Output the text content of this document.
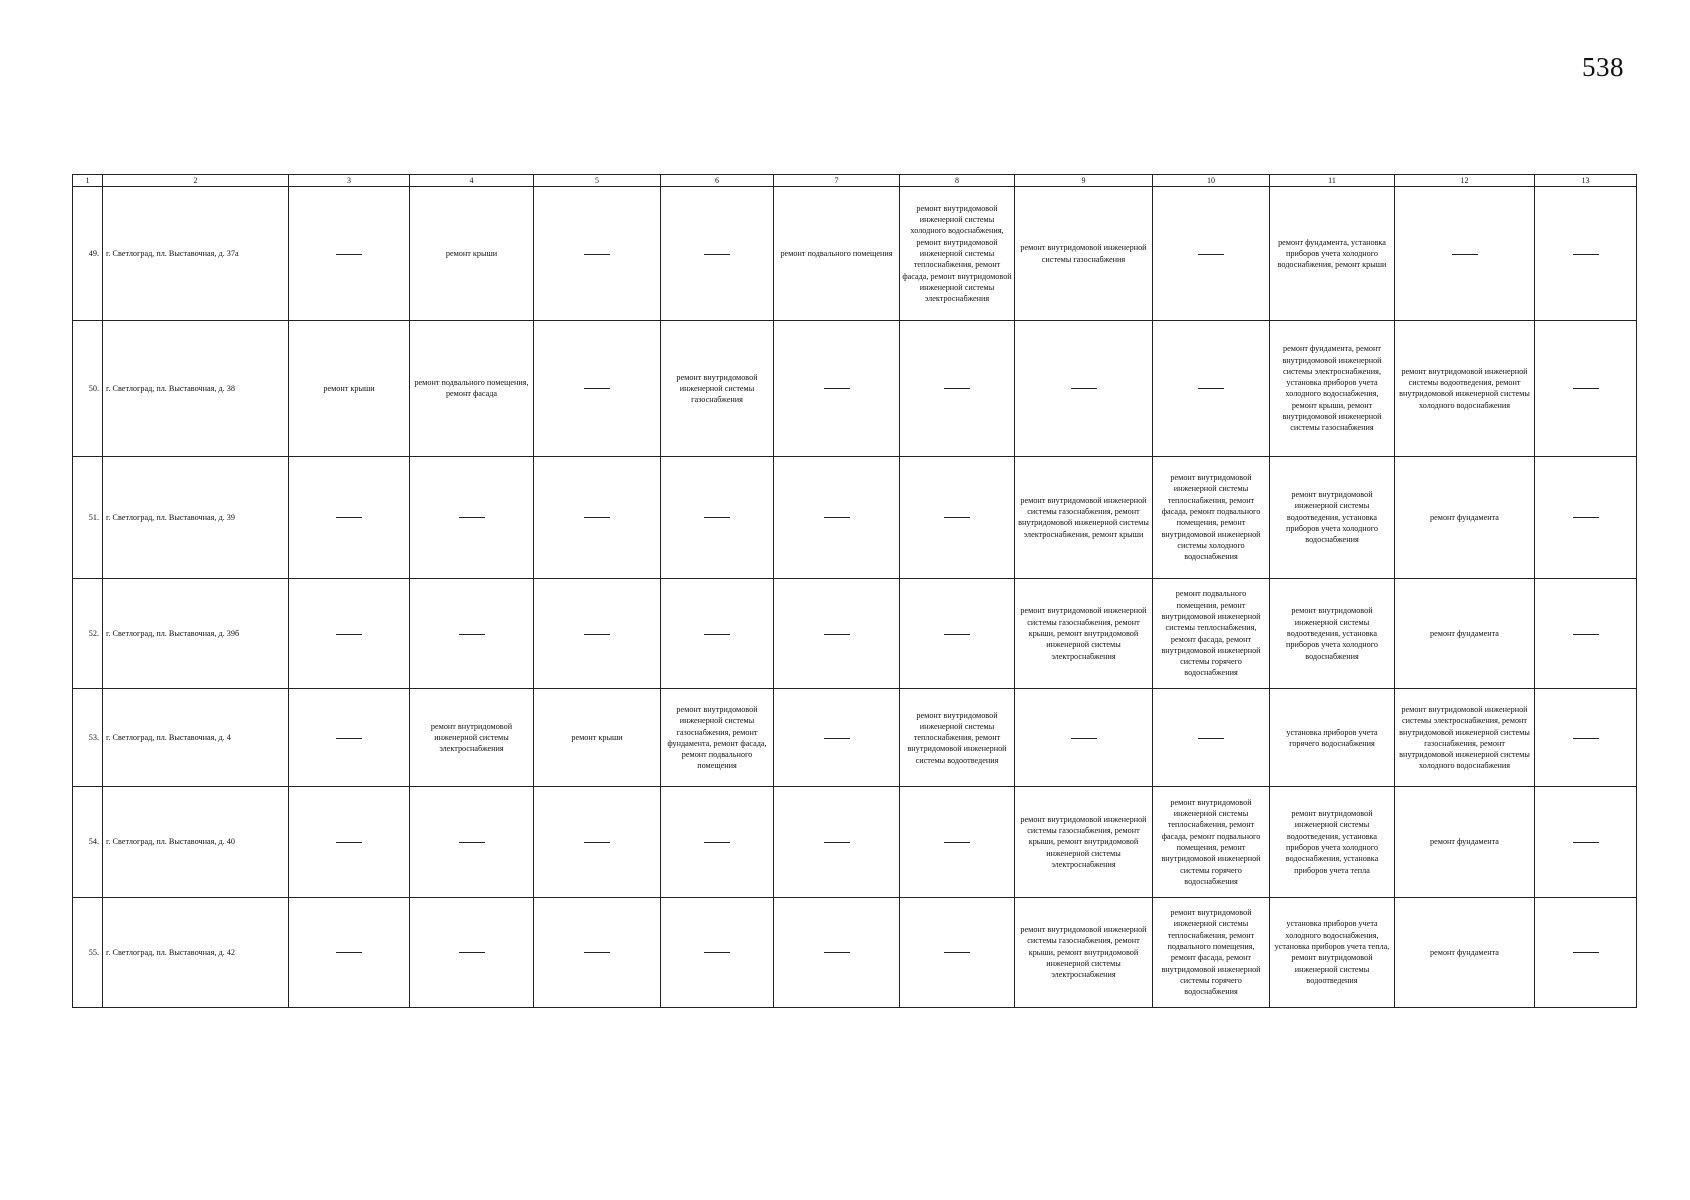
538
1	2	3	4	5	6	7	8	9	10	11	12	13
49.	г. Светлоград, пл. Выставочная, д. 37а		ремонт крыши			ремонт подвального помещения	ремонт внутридомовой инженерной системы холодного водоснабжения, ремонт внутридомовой инженерной системы теплоснабжения, ремонт фасада, ремонт внутридомовой инженерной системы электроснабжения	ремонт внутридомовой инженерной системы газоснабжения		ремонт фундамента, установка приборов учета холодного водоснабжения, ремонт крыши		
50.	г. Светлоград, пл. Выставочная, д. 38	ремонт крыши	ремонт подвального помещения, ремонт фасада		ремонт внутридомовой инженерной системы газоснабжения					ремонт фундамента, ремонт внутридомовой инженерной системы электроснабжения, установка приборов учета холодного водоснабжения, ремонт крыши, ремонт внутридомовой инженерной системы газоснабжения	ремонт внутридомовой инженерной системы водоотведения, ремонт внутридомовой инженерной системы холодного водоснабжения	
51.	г. Светлоград, пл. Выставочная, д. 39							ремонт внутридомовой инженерной системы газоснабжения, ремонт внутридомовой инженерной системы электроснабжения, ремонт крыши	ремонт внутридомовой инженерной системы теплоснабжения, ремонт фасада, ремонт подвального помещения, ремонт внутридомовой инженерной системы холодного водоснабжения	ремонт внутридомовой инженерной системы водоотведения, установка приборов учета холодного водоснабжения	ремонт фундамента	
52.	г. Светлоград, пл. Выставочная, д. 39б							ремонт внутридомовой инженерной системы газоснабжения, ремонт крыши, ремонт внутридомовой инженерной системы электроснабжения	ремонт подвального помещения, ремонт внутридомовой инженерной системы теплоснабжения, ремонт фасада, ремонт внутридомовой инженерной системы горячего водоснабжения	ремонт внутридомовой инженерной системы водоотведения, установка приборов учета холодного водоснабжения	ремонт фундамента	
53.	г. Светлоград, пл. Выставочная, д. 4		ремонт внутридомовой инженерной системы электроснабжения	ремонт крыши	ремонт внутридомовой инженерной системы газоснабжения, ремонт фундамента, ремонт фасада, ремонт подвального помещения		ремонт внутридомовой инженерной системы теплоснабжения, ремонт внутридомовой инженерной системы водоотведения			установка приборов учета горячего водоснабжения	ремонт внутридомовой инженерной системы электроснабжения, ремонт внутридомовой инженерной системы газоснабжения, ремонт внутридомовой инженерной системы холодного водоснабжения	
54.	г. Светлоград, пл. Выставочная, д. 40							ремонт внутридомовой инженерной системы газоснабжения, ремонт крыши, ремонт внутридомовой инженерной системы электроснабжения	ремонт внутридомовой инженерной системы теплоснабжения, ремонт фасада, ремонт подвального помещения, ремонт внутридомовой инженерной системы горячего водоснабжения	ремонт внутридомовой инженерной системы водоотведения, установка приборов учета холодного водоснабжения, установка приборов учета тепла	ремонт фундамента	
55.	г. Светлоград, пл. Выставочная, д. 42							ремонт внутридомовой инженерной системы газоснабжения, ремонт крыши, ремонт внутридомовой инженерной системы электроснабжения	ремонт внутридомовой инженерной системы теплоснабжения, ремонт подвального помещения, ремонт фасада, ремонт внутридомовой инженерной системы горячего водоснабжения	установка приборов учета холодного водоснабжения, установка приборов учета тепла, ремонт внутридомовой инженерной системы водоотведения	ремонт фундамента	
